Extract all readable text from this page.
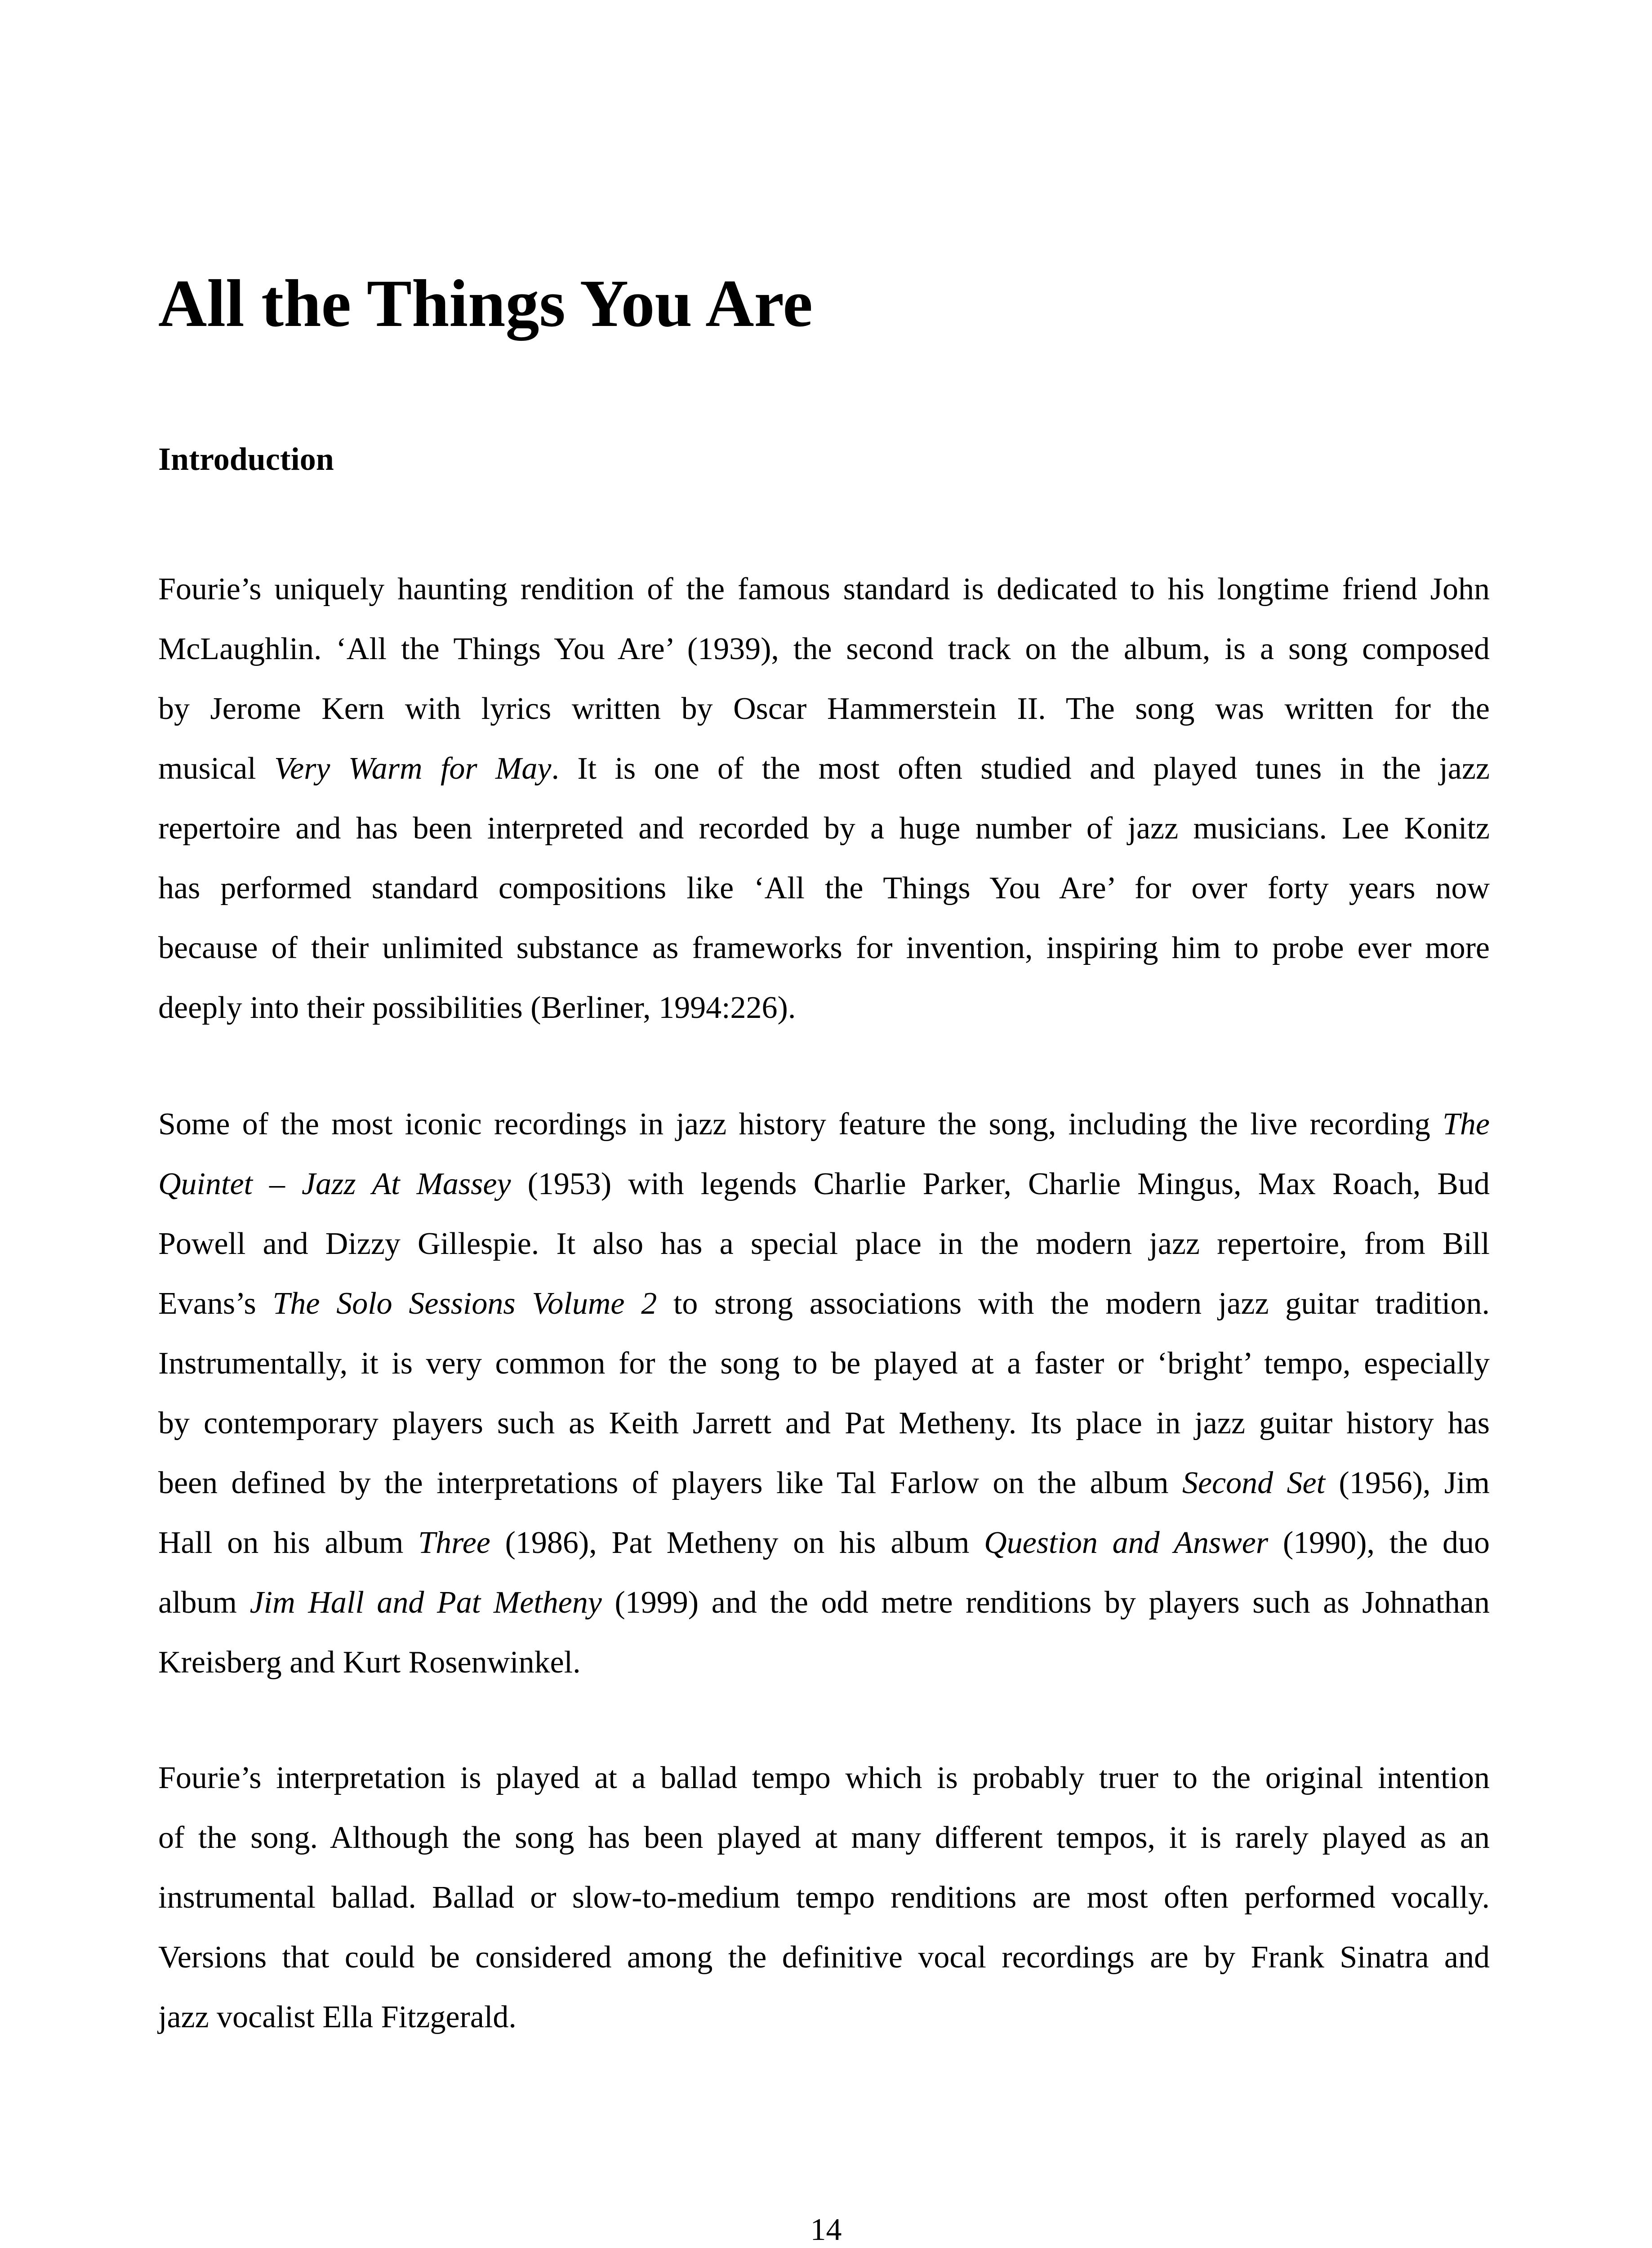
All the Things You Are
Introduction
Fourie’s uniquely haunting rendition of the famous standard is dedicated to his longtime friend John
McLaughlin. ‘All the Things You Are’ (1939), the second track on the album, is a song composed
by Jerome Kern with lyrics written by Oscar Hammerstein II. The song was written for the
musical Very Warm for May. It is one of the most often studied and played tunes in the jazz
repertoire and has been interpreted and recorded by a huge number of jazz musicians. Lee Konitz
has performed standard compositions like ‘All the Things You Are’ for over forty years now
because of their unlimited substance as frameworks for invention, inspiring him to probe ever more
deeply into their possibilities (Berliner, 1994:226).
Some of the most iconic recordings in jazz history feature the song, including the live recording The
Quintet – Jazz At Massey (1953) with legends Charlie Parker, Charlie Mingus, Max Roach, Bud
Powell and Dizzy Gillespie. It also has a special place in the modern jazz repertoire, from Bill
Evans’s The Solo Sessions Volume 2 to strong associations with the modern jazz guitar tradition.
Instrumentally, it is very common for the song to be played at a faster or ‘bright’ tempo, especially
by contemporary players such as Keith Jarrett and Pat Metheny. Its place in jazz guitar history has
been defined by the interpretations of players like Tal Farlow on the album Second Set (1956), Jim
Hall on his album Three (1986), Pat Metheny on his album Question and Answer (1990), the duo
album Jim Hall and Pat Metheny (1999) and the odd metre renditions by players such as Johnathan
Kreisberg and Kurt Rosenwinkel.
Fourie’s interpretation is played at a ballad tempo which is probably truer to the original intention
of the song. Although the song has been played at many different tempos, it is rarely played as an
instrumental ballad. Ballad or slow-to-medium tempo renditions are most often performed vocally.
Versions that could be considered among the definitive vocal recordings are by Frank Sinatra and
jazz vocalist Ella Fitzgerald.

14
